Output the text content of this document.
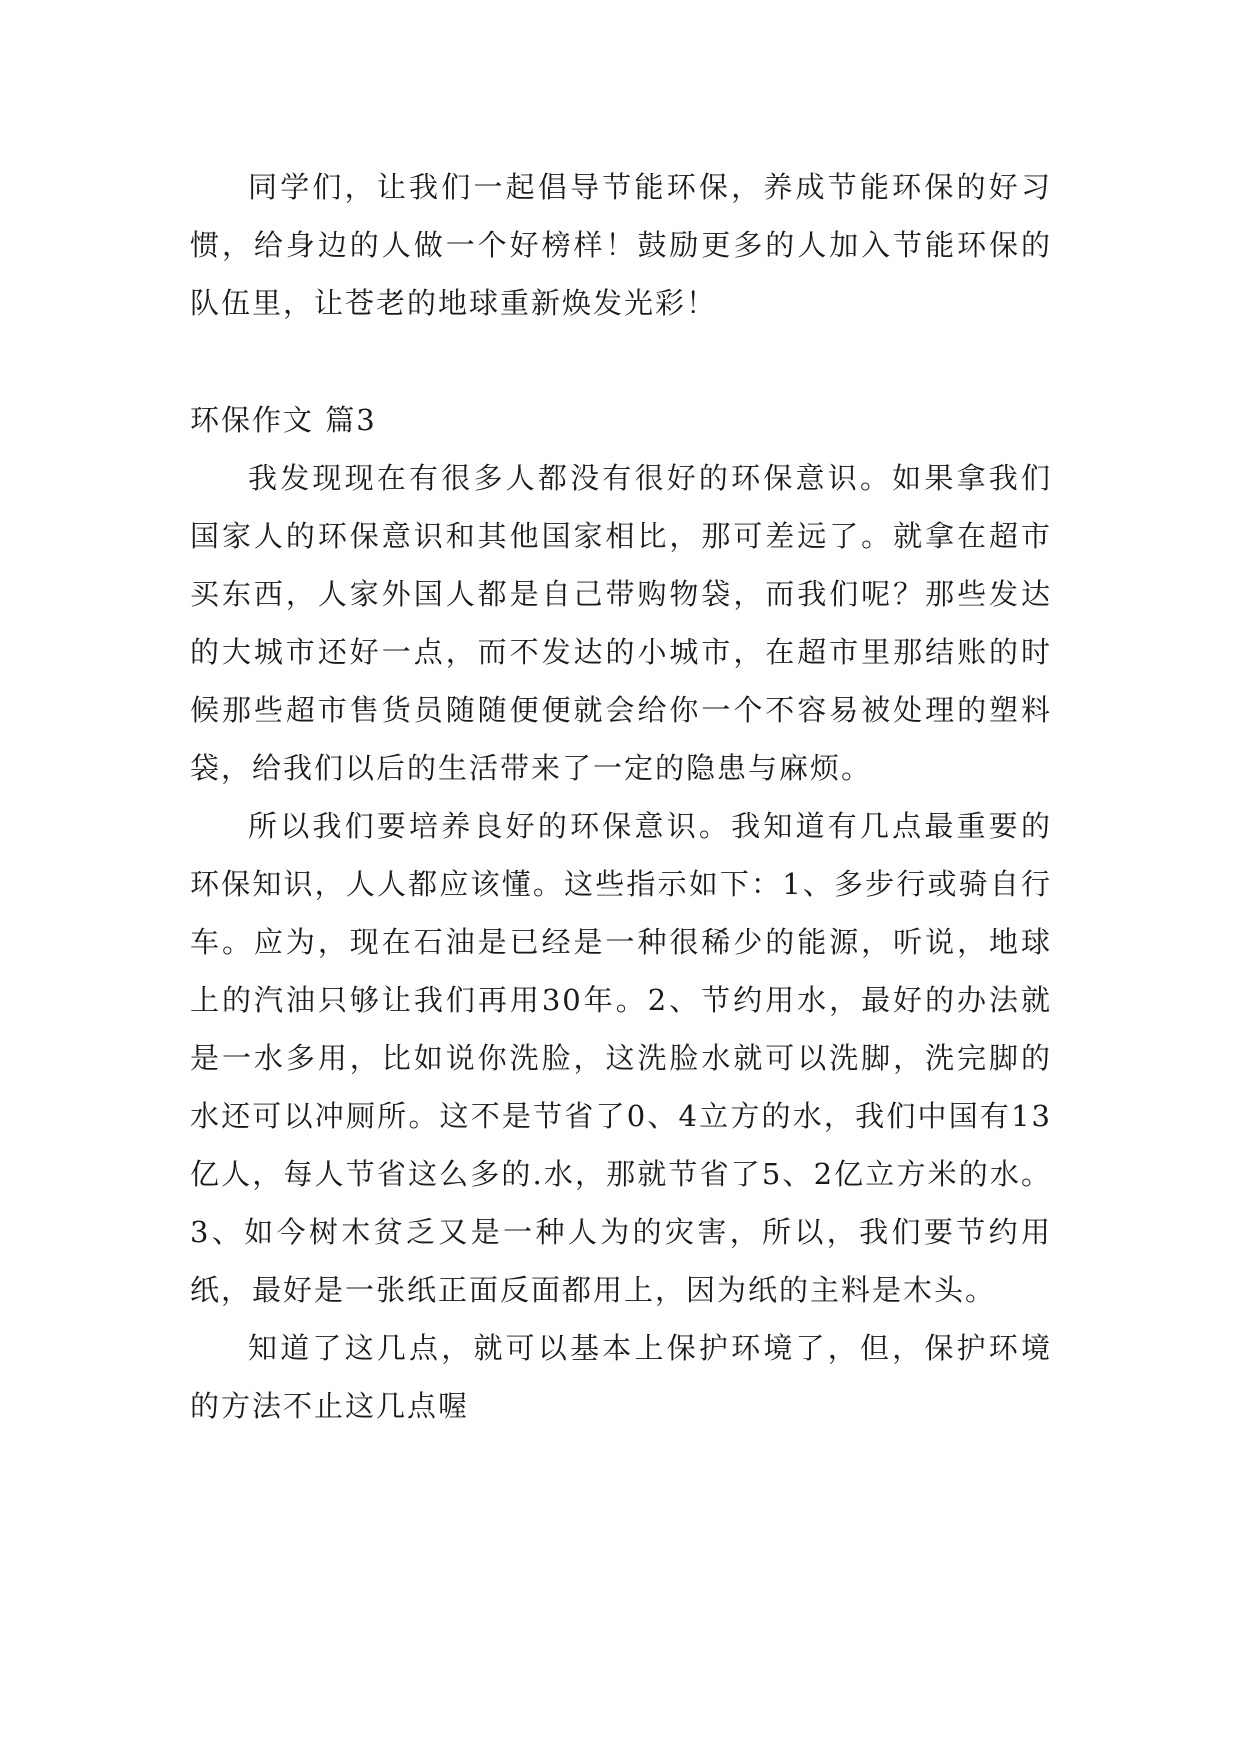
同学们，让我们一起倡导节能环保，养成节能环保的好习惯，给身边的人做一个好榜样！鼓励更多的人加入节能环保的队伍里，让苍老的地球重新焕发光彩！

环保作文 篇3

我发现现在有很多人都没有很好的环保意识。如果拿我们国家人的环保意识和其他国家相比，那可差远了。就拿在超市买东西，人家外国人都是自己带购物袋，而我们呢？那些发达的大城市还好一点，而不发达的小城市，在超市里那结账的时候那些超市售货员随随便便就会给你一个不容易被处理的塑料袋，给我们以后的生活带来了一定的隐患与麻烦。

所以我们要培养良好的环保意识。我知道有几点最重要的环保知识，人人都应该懂。这些指示如下：1、多步行或骑自行车。应为，现在石油是已经是一种很稀少的能源，听说，地球上的汽油只够让我们再用30年。2、节约用水，最好的办法就是一水多用，比如说你洗脸，这洗脸水就可以洗脚，洗完脚的水还可以冲厕所。这不是节省了0、4立方的水，我们中国有13亿人，每人节省这么多的.水，那就节省了5、2亿立方米的水。3、如今树木贫乏又是一种人为的灾害，所以，我们要节约用纸，最好是一张纸正面反面都用上，因为纸的主料是木头。

知道了这几点，就可以基本上保护环境了，但，保护环境的方法不止这几点喔
